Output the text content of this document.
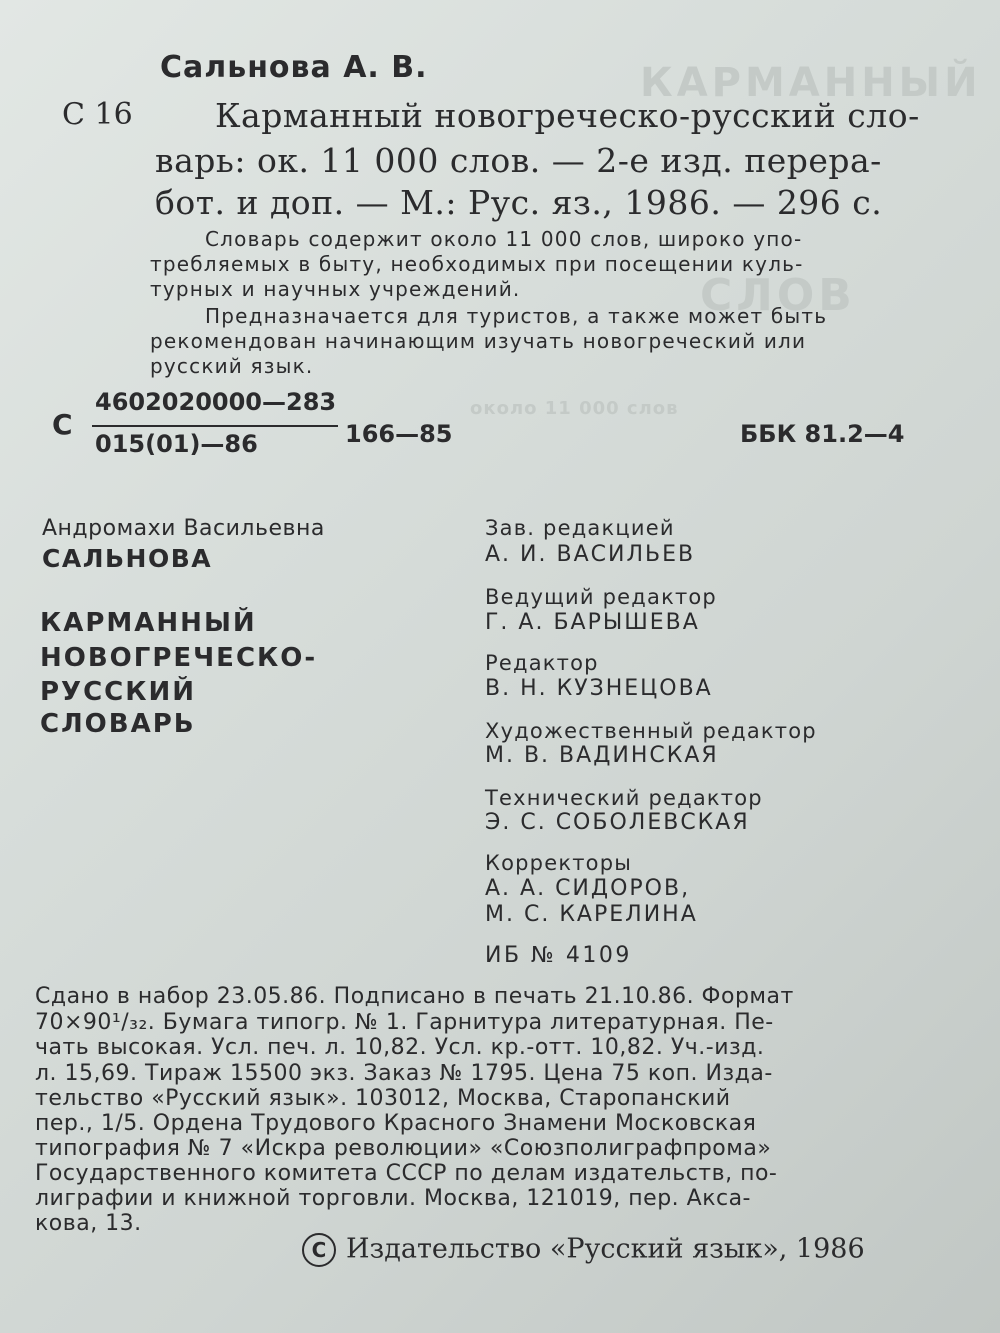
КАРМАННЫЙ
СЛОВ
около 11 000 слов

Сальнова А. В.

С 16 Карманный новогреческо-русский сло-

варь: ок. 11 000 слов. — 2-е изд. перера-

бот. и доп. — М.: Рус. яз., 1986. — 296 с.

Словарь содержит около 11 000 слов, широко упо-

требляемых в быту, необходимых при посещении куль-

турных и научных учреждений.

Предназначается для туристов, а также может быть

рекомендован начинающим изучать новогреческий или

русский язык.

С

4602020000—283

015(01)—86	166—85	ББК 81.2—4

Андромахи Васильевна

САЛЬНОВА

КАРМАННЫЙ

НОВОГРЕЧЕСКО-

РУССКИЙ

СЛОВАРЬ

Зав. редакцией

А. И. ВАСИЛЬЕВ

Ведущий редактор

Г. А. БАРЫШЕВА

Редактор

В. Н. КУЗНЕЦОВА

Художественный редактор

М. В. ВАДИНСКАЯ

Технический редактор

Э. С. СОБОЛЕВСКАЯ

Корректоры

А. А. СИДОРОВ,

М. С. КАРЕЛИНА

ИБ № 4109

Сдано в набор 23.05.86. Подписано в печать 21.10.86. Формат

70×90¹/₃₂. Бумага типогр. № 1. Гарнитура литературная. Пе-

чать высокая. Усл. печ. л. 10,82. Усл. кр.-отт. 10,82. Уч.-изд.

л. 15,69. Тираж 15500 экз. Заказ № 1795. Цена 75 коп. Изда-

тельство «Русский язык». 103012, Москва, Старопанский

пер., 1/5. Ордена Трудового Красного Знамени Московская

типография № 7 «Искра революции» «Союзполиграфпрома»

Государственного комитета СССР по делам издательств, по-

лиграфии и книжной торговли. Москва, 121019, пер. Акса-

кова, 13.

C Издательство «Русский язык», 1986
